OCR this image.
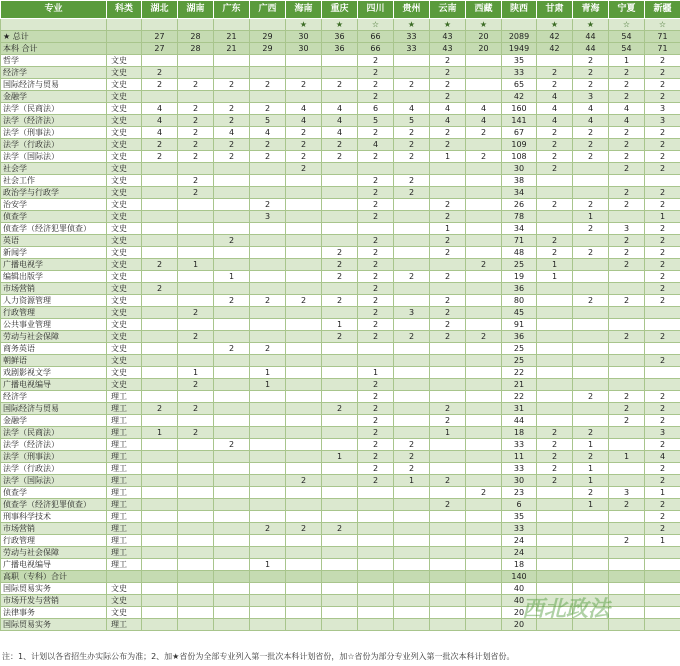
专业	科类	湖北	湖南	广东	广西	海南	重庆	四川	贵州	云南	西藏	陕西	甘肃	青海	宁夏	新疆
						★	★	☆	★	★	★		★	★	☆	☆
★ 总计		27	28	21	29	30	36	66	33	43	20	2089	42	44	54	71
本科 合计		27	28	21	29	30	36	66	33	43	20	1949	42	44	54	71
哲学	文史							2		2		35		2	1	2
经济学	文史	2						2		2		33	2	2	2	2
国际经济与贸易	文史	2	2	2	2	2	2	2	2	2		65	2	2	2	2
金融学	文史							2		2		42	4	3	2	2
法学（民商法）	文史	4	2	2	2	4	4	6	4	4	4	160	4	4	4	3
法学（经济法）	文史	4	2	2	5	4	4	5	5	4	4	141	4	4	4	3
法学（刑事法）	文史	4	2	4	4	2	4	2	2	2	2	67	2	2	2	2
法学（行政法）	文史	2	2	2	2	2	2	4	2	2		109	2	2	2	2
法学（国际法）	文史	2	2	2	2	2	2	2	2	1	2	108	2	2	2	2
社会学	文史					2						30	2		2	2
社会工作	文史		2					2	2			38				
政治学与行政学	文史		2					2	2			34			2	2
治安学	文史				2			2		2		26	2	2	2	2
侦查学	文史				3			2		2		78		1		1
侦查学（经济犯罪侦查）	文史									1		34		2	3	2
英语	文史			2				2		2		71	2		2	2
新闻学	文史						2	2		2		48	2	2	2	2
广播电视学	文史	2	1				2	2			2	25	1		2	2
编辑出版学	文史			1			2	2	2	2		19	1			2
市场营销	文史	2						2				36				2
人力资源管理	文史			2	2	2	2	2		2		80		2	2	2
行政管理	文史		2					2	3	2		45				
公共事业管理	文史						1	2		2		91				
劳动与社会保障	文史		2				2	2	2	2	2	36			2	2
商务英语	文史			2	2							25				
朝鲜语	文史											25				2
戏剧影视文学	文史		1		1			1				22				
广播电视编导	文史		2		1			2				21				
经济学	理工							2				22		2	2	2
国际经济与贸易	理工	2	2				2	2		2		31			2	2
金融学	理工							2		2		44			2	2
法学（民商法）	理工	1	2					2		1		18	2	2		3
法学（经济法）	理工			2				2	2			33	2	1		2
法学（刑事法）	理工						1	2	2			11	2	2	1	4
法学（行政法）	理工							2	2			33	2	1		2
法学（国际法）	理工					2		2	1	2		30	2	1		2
侦查学	理工										2	23		2	3	1
侦查学（经济犯罪侦查）	理工									2		6		1	2	2
刑事科学技术	理工											35				2
市场营销	理工				2	2	2					33				2
行政管理	理工											24			2	1
劳动与社会保障	理工											24				
广播电视编导	理工				1							18				
高职（专科）合计												140				
国际贸易实务	文史											40				
市场开发与营销	文史											40				
法律事务	文史											20				
国际贸易实务	理工											20				
西北政法
注：1、计划以各省招生办实际公布为准；2、加★省份为全部专业列入第一批次本科计划省份，加☆省份为部分专业列入第一批次本科计划省份。
